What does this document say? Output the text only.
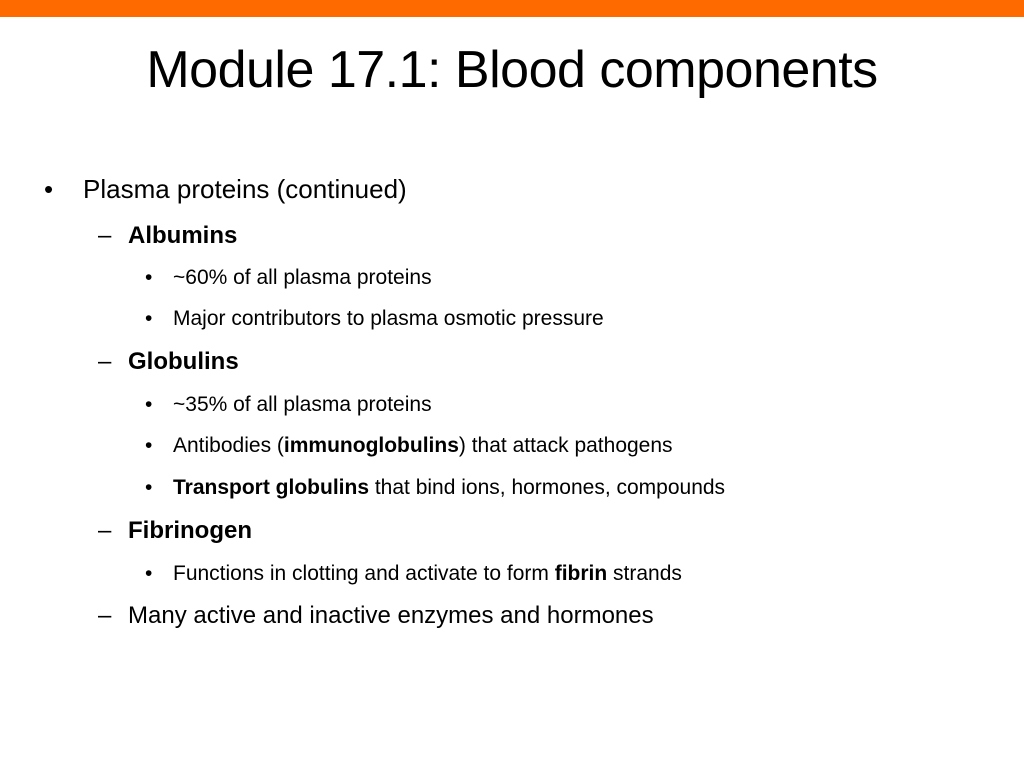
Module 17.1: Blood components
• Plasma proteins (continued)
– Albumins
• ~60% of all plasma proteins
• Major contributors to plasma osmotic pressure
– Globulins
• ~35% of all plasma proteins
• Antibodies (immunoglobulins) that attack pathogens
• Transport globulins that bind ions, hormones, compounds
– Fibrinogen
• Functions in clotting and activate to form fibrin strands
– Many active and inactive enzymes and hormones
